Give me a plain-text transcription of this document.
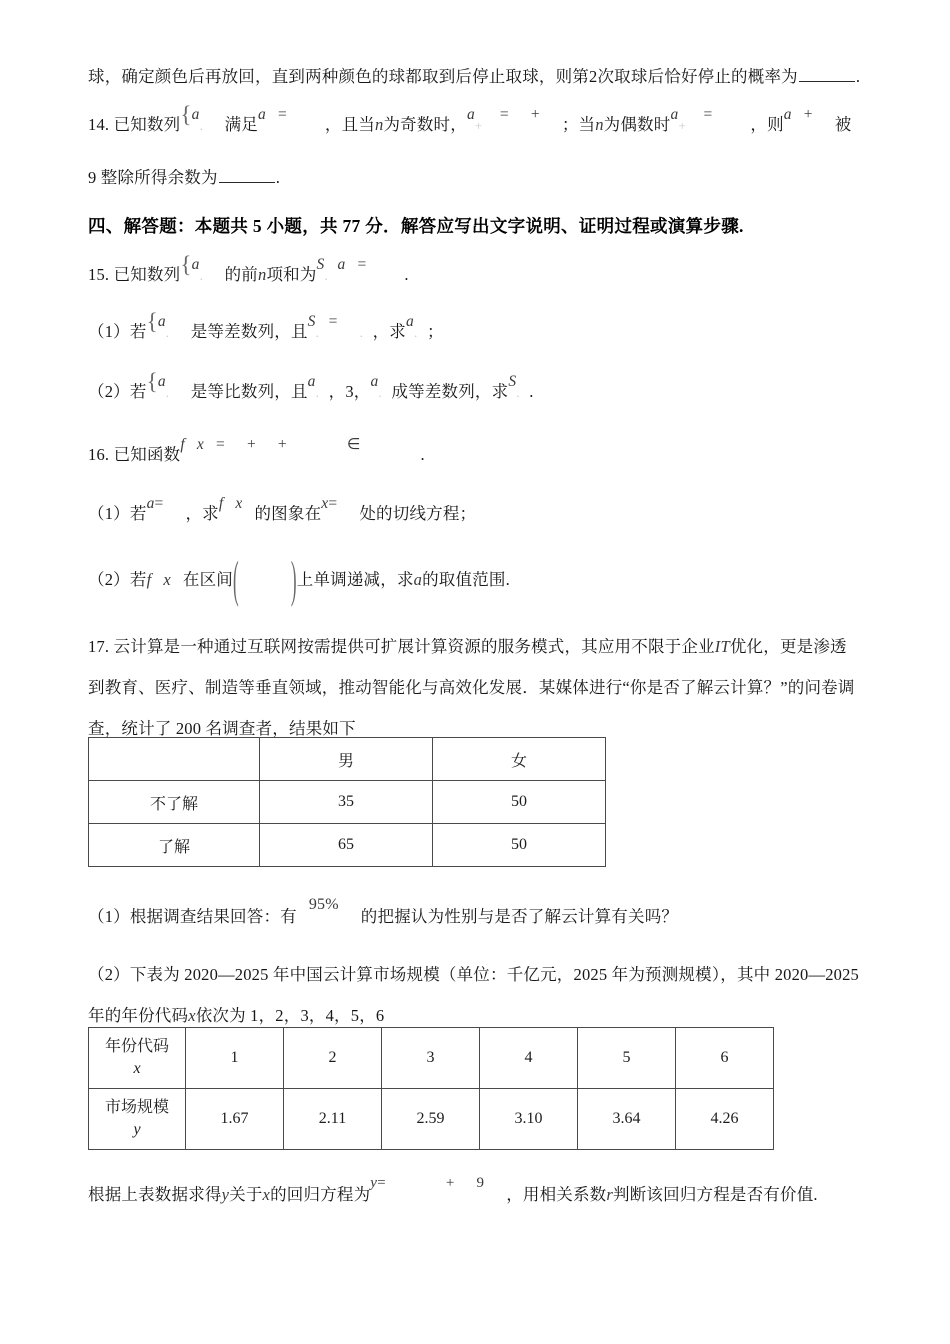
球，确定颜色后再放回，直到两种颜色的球都取到后停止取球，则第2次取球后恰好停止的概率为	.
14. 已知数列{a. 满足a =，且当n为奇数时，a+= +；当n为偶数时a+=，则a +被
9 整除所得余数为	.
四、解答题：本题共 5 小题，共 77 分．解答应写出文字说明、证明过程或演算步骤.
15. 已知数列{a. 的前n项和为S.a =.
（1）若{a. 是等差数列，且S.=. ，求a. ；
（2）若{a. 是等比数列，且a. ，3，a. 成等差数列，求S. .
16. 已知函数f x = + +	∈.
（1）若a=，求f x的图象在x=处的切线方程；
（2）若f x 在区间(	)上单调递减，求a的取值范围.
17. 云计算是一种通过互联网按需提供可扩展计算资源的服务模式，其应用不限于企业IT优化，更是渗透
到教育、医疗、制造等垂直领域，推动智能化与高效化发展．某媒体进行“你是否了解云计算？”的问卷调
查，统计了 200 名调查者，结果如下
	男	女
不了解	35	50
了解	65	50
（1）根据调查结果回答：有95%的把握认为性别与是否了解云计算有关吗？
（2）下表为 2020—2025 年中国云计算市场规模（单位：千亿元，2025 年为预测规模），其中 2020—2025
年的年份代码x依次为 1，2，3，4，5，6
年份代码
x	1	2	3	4	5	6
市场规模
y	1.67	2.11	2.59	3.10	3.64	4.26
根据上表数据求得y关于x的回归方程为y=	+ 9，用相关系数r判断该回归方程是否有价值.
